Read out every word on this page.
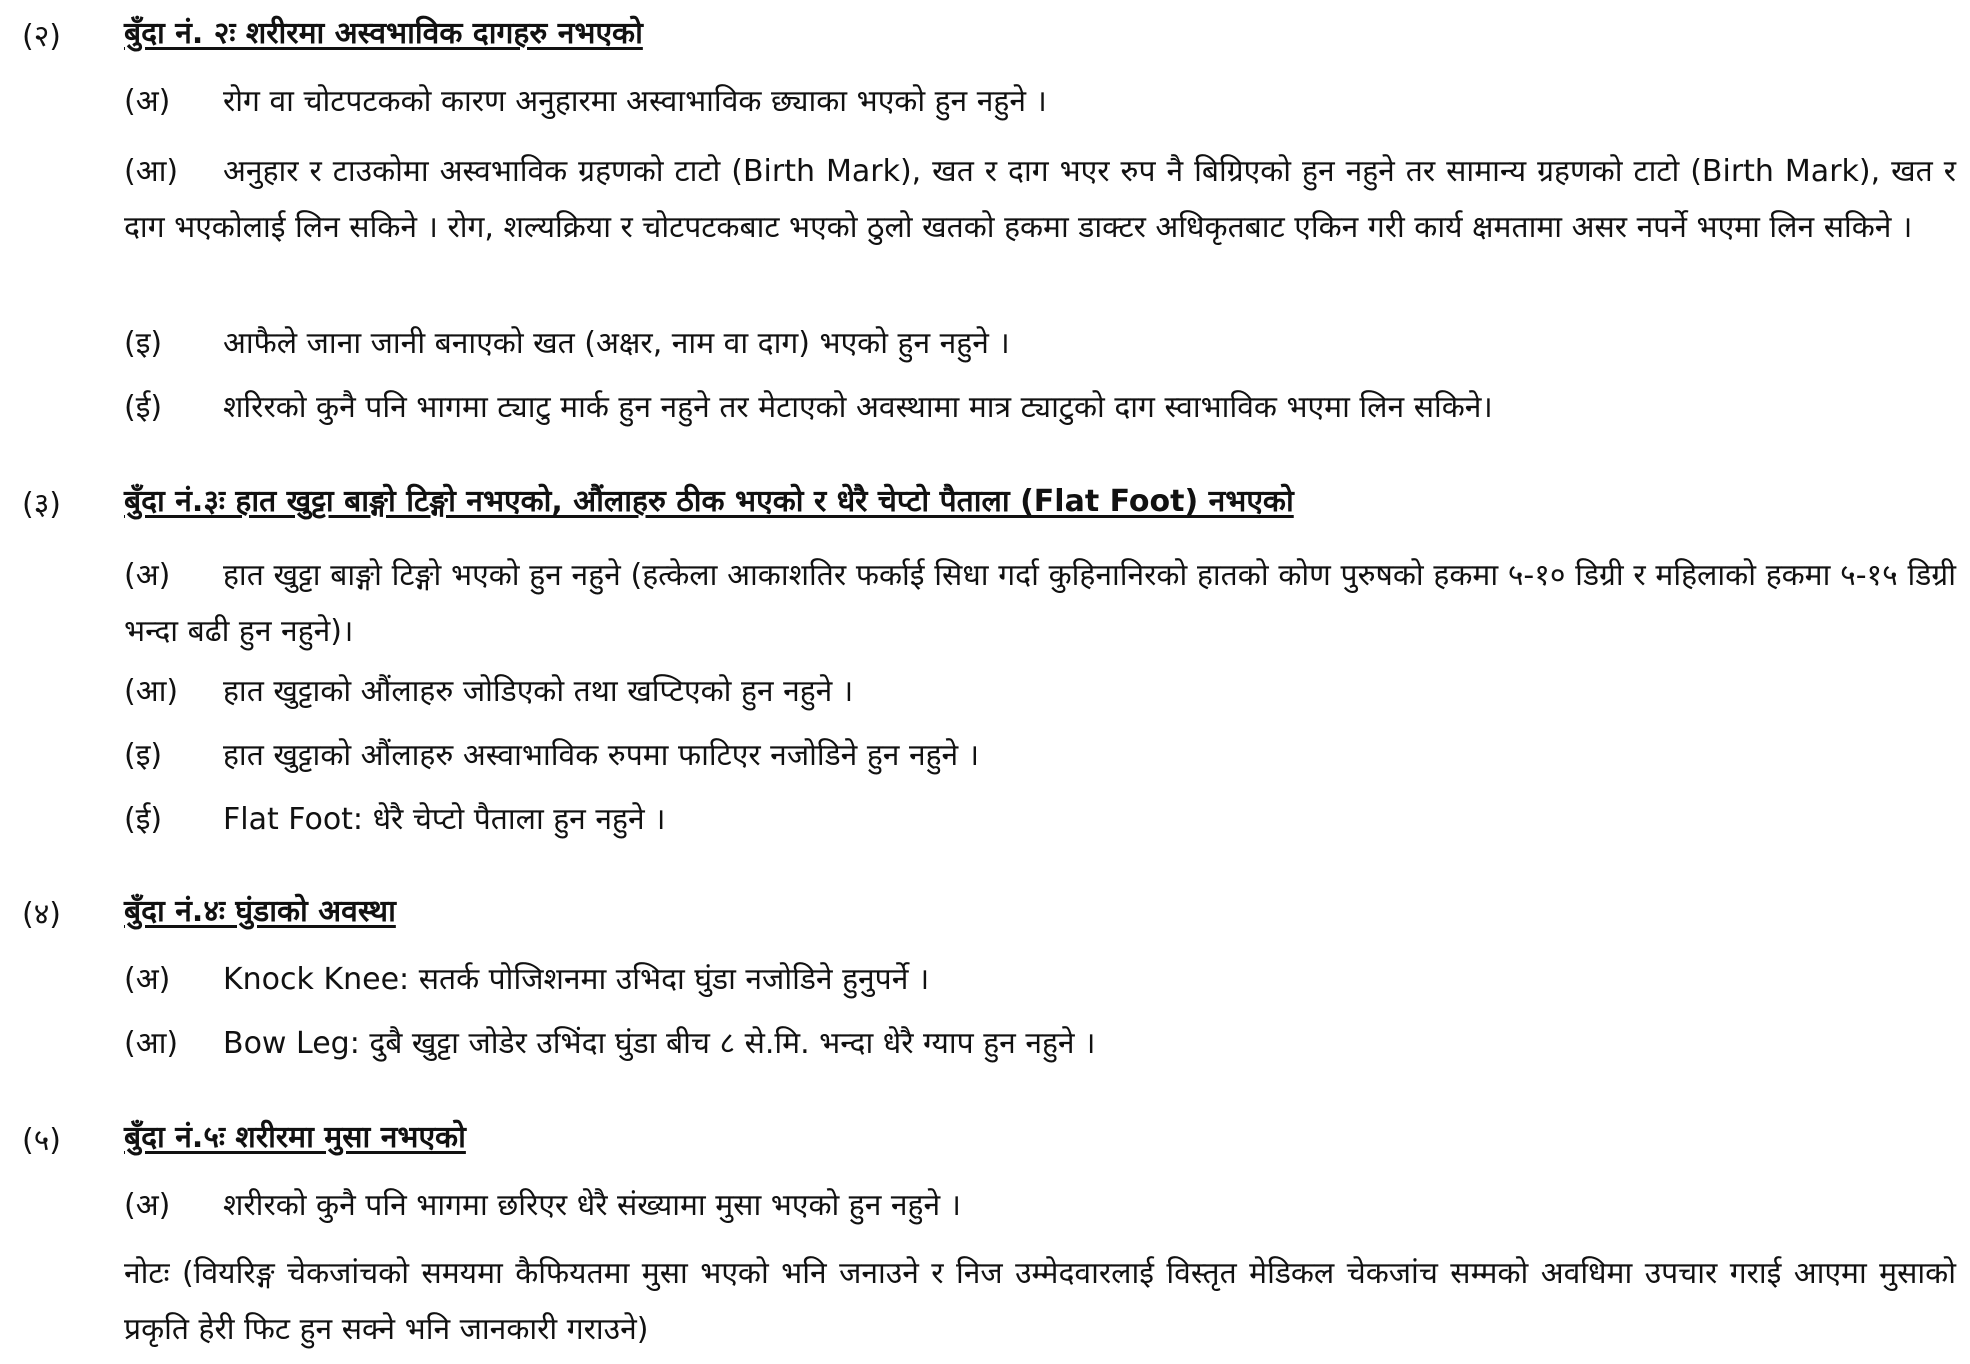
(२) बुँदा नं. २ः शरीरमा अस्वभाविक दागहरु नभएको
(अ) रोग वा चोटपटकको कारण अनुहारमा अस्वाभाविक छ्याका भएको हुन नहुने ।
(आ) अनुहार र टाउकोमा अस्वभाविक ग्रहणको टाटो (Birth Mark), खत र दाग भएर रुप नै बिग्रिएको हुन नहुने तर सामान्य ग्रहणको टाटो (Birth Mark), खत र दाग भएकोलाई लिन सकिने । रोग, शल्यक्रिया र चोटपटकबाट भएको ठुलो खतको हकमा डाक्टर अधिकृतबाट एकिन गरी कार्य क्षमतामा असर नपर्ने भएमा लिन सकिने ।
(इ) आफैले जाना जानी बनाएको खत (अक्षर, नाम वा दाग) भएको हुन नहुने ।
(ई) शरिरको कुनै पनि भागमा ट्याटु मार्क हुन नहुने तर मेटाएको अवस्थामा मात्र ट्याटुको दाग स्वाभाविक भएमा लिन सकिने।
(३) बुँदा नं.३ः हात खुट्टा बाङ्गो टिङ्गो नभएको, औंलाहरु ठीक भएको र धेरै चेप्टो पैताला (Flat Foot) नभएको
(अ) हात खुट्टा बाङ्गो टिङ्गो भएको हुन नहुने (हत्केला आकाशतिर फर्काई सिधा गर्दा कुहिनानिरको हातको कोण पुरुषको हकमा ५-१० डिग्री र महिलाको हकमा ५-१५ डिग्री भन्दा बढी हुन नहुने)।
(आ) हात खुट्टाको औंलाहरु जोडिएको तथा खप्टिएको हुन नहुने ।
(इ) हात खुट्टाको औंलाहरु अस्वाभाविक रुपमा फाटिएर नजोडिने हुन नहुने ।
(ई) Flat Foot: धेरै चेप्टो पैताला हुन नहुने ।
(४) बुँदा नं.४ः घुंडाको अवस्था
(अ) Knock Knee: सतर्क पोजिशनमा उभिदा घुंडा नजोडिने हुनुपर्ने ।
(आ) Bow Leg: दुबै खुट्टा जोडेर उभिंदा घुंडा बीच ८ से.मि. भन्दा धेरै ग्याप हुन नहुने ।
(५) बुँदा नं.५ः शरीरमा मुसा नभएको
(अ) शरीरको कुनै पनि भागमा छरिएर धेरै संख्यामा मुसा भएको हुन नहुने ।
नोटः (वियरिङ्ग चेकजांचको समयमा कैफियतमा मुसा भएको भनि जनाउने र निज उम्मेदवारलाई विस्तृत मेडिकल चेकजांच सम्मको अवधिमा उपचार गराई आएमा मुसाको प्रकृति हेरी फिट हुन सक्ने भनि जानकारी गराउने)
